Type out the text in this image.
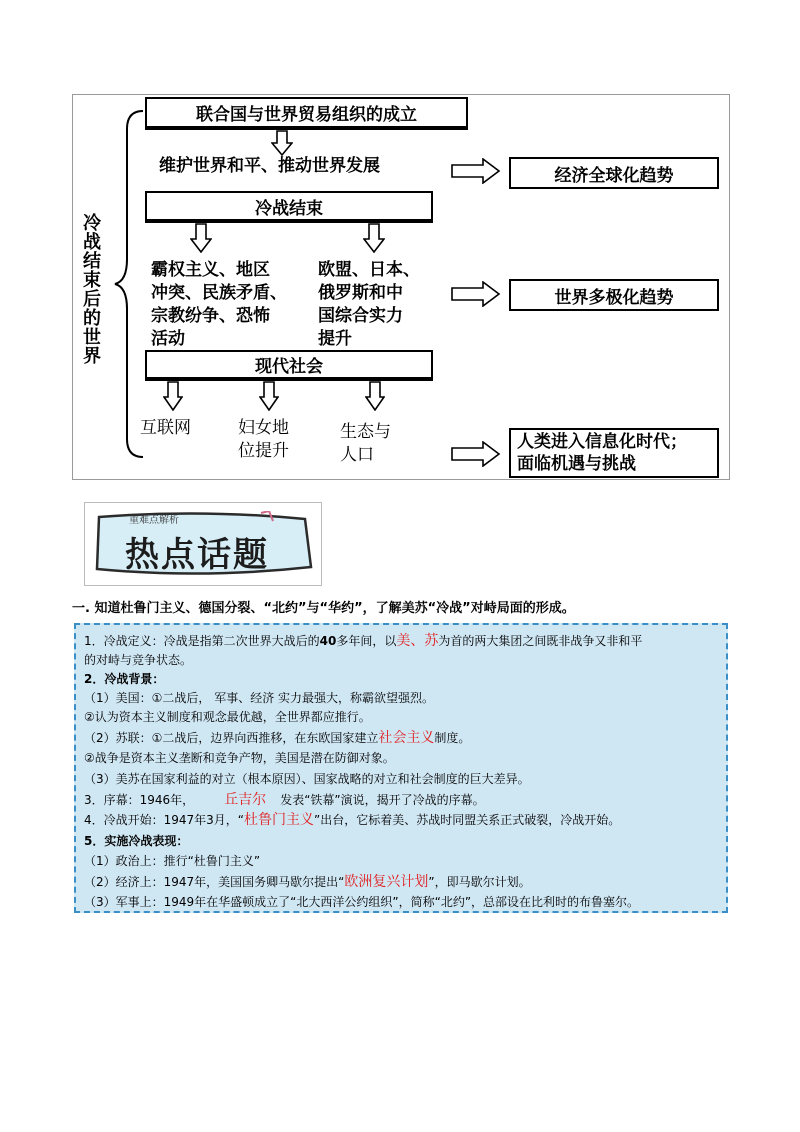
冷战结束后的世界
联合国与世界贸易组织的成立
维护世界和平、推动世界发展
冷战结束
霸权主义、地区
冲突、民族矛盾、
宗教纷争、恐怖
活动
欧盟、日本、
俄罗斯和中
国综合实力
提升
现代社会
互联网	妇女地
位提升
生态与
人口
经济全球化趋势
世界多极化趋势
人类进入信息化时代；
面临机遇与挑战
重难点解析
热点话题
一. 知道杜鲁门主义、德国分裂、“北约”与“华约”，了解美苏“冷战”对峙局面的形成。
1．冷战定义：冷战是指第二次世界大战后的40多年间，以美、苏为首的两大集团之间既非战争又非和平
的对峙与竞争状态。
2．冷战背景：
（1）美国：①二战后， 军事、经济 实力最强大，称霸欲望强烈。
②认为资本主义制度和观念最优越，全世界都应推行。
（2）苏联：①二战后，边界向西推移，在东欧国家建立社会主义制度。
②战争是资本主义垄断和竞争产物，美国是潜在防御对象。
（3）美苏在国家利益的对立（根本原因）、国家战略的对立和社会制度的巨大差异。
3．序幕：1946年， 丘吉尔 发表“铁幕”演说，揭开了冷战的序幕。
4．冷战开始：1947年3月，“杜鲁门主义”出台，它标着美、苏战时同盟关系正式破裂，冷战开始。
5．实施冷战表现：
（1）政治上：推行“杜鲁门主义”
（2）经济上：1947年，美国国务卿马歇尔提出“欧洲复兴计划”，即马歇尔计划。
（3）军事上：1949年在华盛顿成立了“北大西洋公约组织”，简称“北约”，总部设在比利时的布鲁塞尔。
